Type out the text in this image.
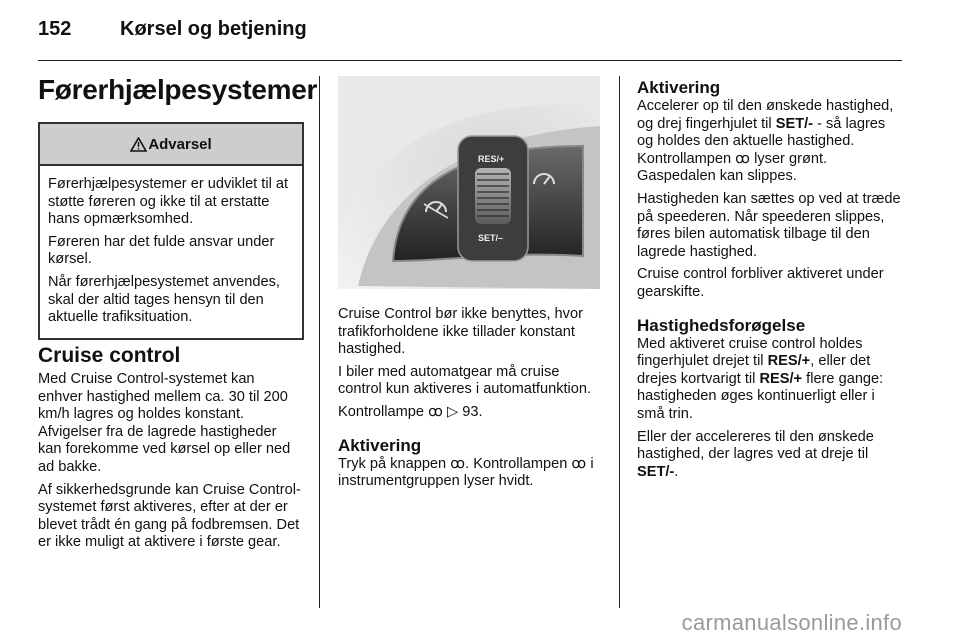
152 Kørsel og betjening
Førerhjælpesystemer
Advarsel

Førerhjælpesystemer er udviklet til at støtte føreren og ikke til at erstatte hans opmærksomhed.

Føreren har det fulde ansvar under kørsel.

Når førerhjælpesystemet anvendes, skal der altid tages hensyn til den aktuelle trafiksituation.

Cruise control

Med Cruise Control-systemet kan enhver hastighed mellem ca. 30 til 200 km/h lagres og holdes konstant. Afvigelser fra de lagrede hastigheder kan forekomme ved kørsel op eller ned ad bakke.

Af sikkerhedsgrunde kan Cruise Control-systemet først aktiveres, efter at der er blevet trådt én gang på fodbremsen. Det er ikke muligt at aktivere i første gear.

RES/+
SET/–

Cruise Control bør ikke benyttes, hvor trafikforholdene ikke tillader konstant hastighed.

I biler med automatgear må cruise control kun aktiveres i automatfunktion.

Kontrollampe ꝏ ▷ 93.

Aktivering

Tryk på knappen ꝏ. Kontrollampen ꝏ i instrumentgruppen lyser hvidt.

Aktivering

Accelerer op til den ønskede hastighed, og drej fingerhjulet til SET/- - så lagres og holdes den aktuelle hastighed. Kontrollampen ꝏ lyser grønt. Gaspedalen kan slippes.

Hastigheden kan sættes op ved at træde på speederen. Når speederen slippes, føres bilen automatisk tilbage til den lagrede hastighed.

Cruise control forbliver aktiveret under gearskifte.

Hastighedsforøgelse

Med aktiveret cruise control holdes fingerhjulet drejet til RES/+, eller det drejes kortvarigt til RES/+ flere gange: hastigheden øges kontinuerligt eller i små trin.

Eller der accelereres til den ønskede hastighed, der lagres ved at dreje til SET/-.

carmanualsonline.info
